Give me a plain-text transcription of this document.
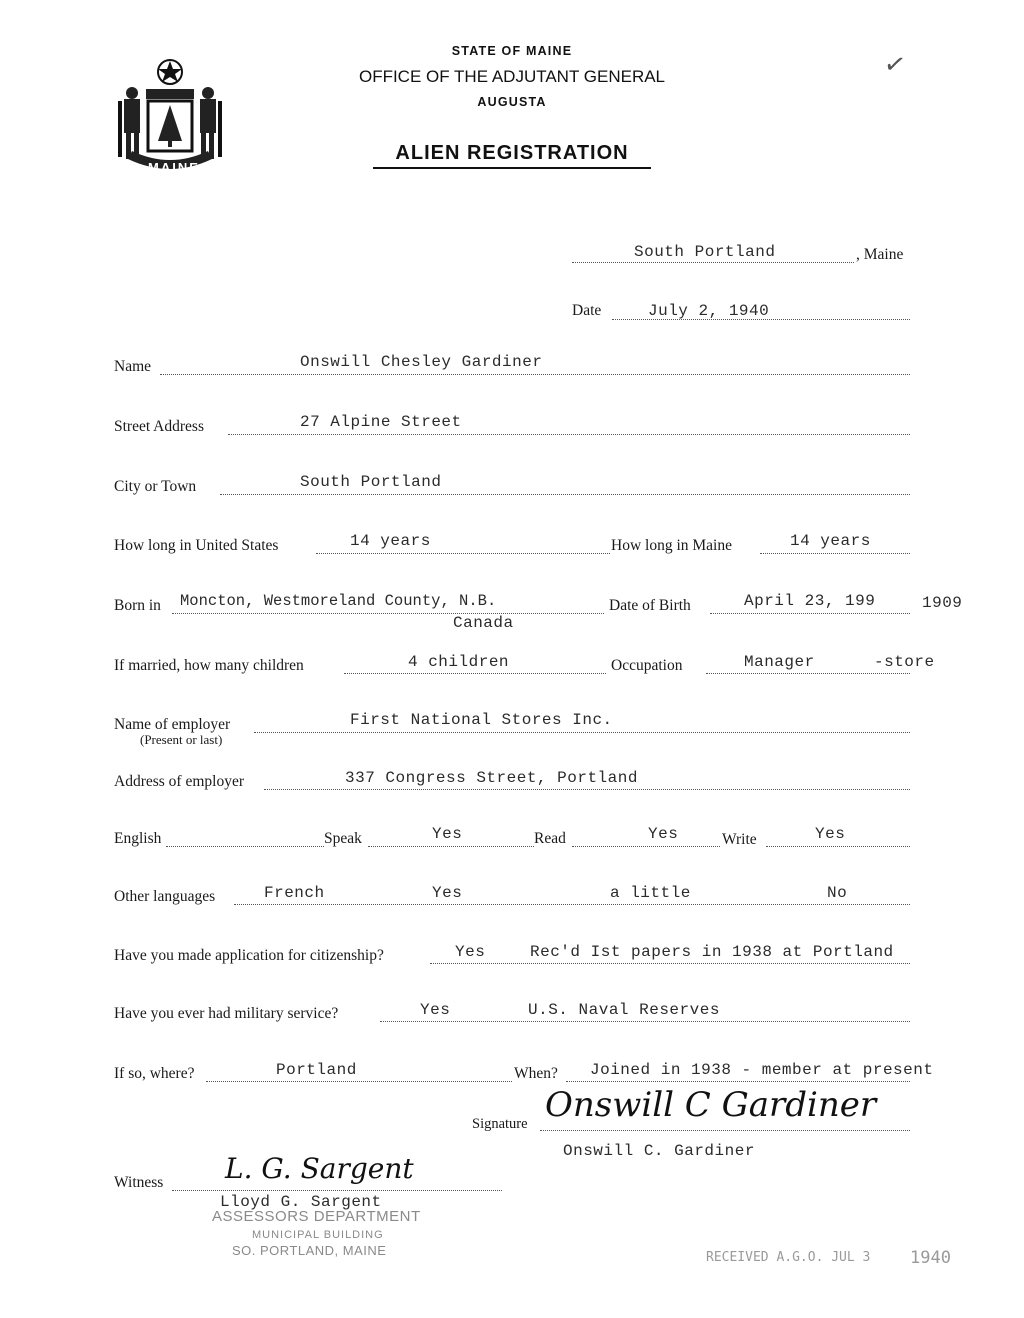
MAINE
STATE OF MAINE
OFFICE OF THE ADJUTANT GENERAL
AUGUSTA
ALIEN REGISTRATION
✓
South Portland	, Maine
Date	July 2, 1940
Name	Onswill Chesley Gardiner
Street Address	27 Alpine Street
City or Town	South Portland
How long in United States	14 years	How long in Maine	14 years
Born in Moncton, Westmoreland County, N.B.
Canada
Date of Birth	April 23, 199	1909
If married, how many children	4 children	Occupation	Manager	-store
Name of employer
(Present or last)
First National Stores Inc.
Address of employer	337 Congress Street, Portland
English	Speak	Yes	Read	Yes	Write	Yes
Other languages	French	Yes	a little	No
Have you made application for citizenship?	Yes	Rec'd Ist papers in 1938 at Portland
Have you ever had military service?	Yes	U.S. Naval Reserves
If so, where?	Portland	When? Joined in 1938 - member at present
Signature Onswill C Gardiner
Onswill C. Gardiner
Witness L. G. Sargent
Lloyd G. Sargent
ASSESSORS DEPARTMENT
MUNICIPAL BUILDING
SO. PORTLAND, MAINE	RECEIVED A.G.O. JUL 3 1940
